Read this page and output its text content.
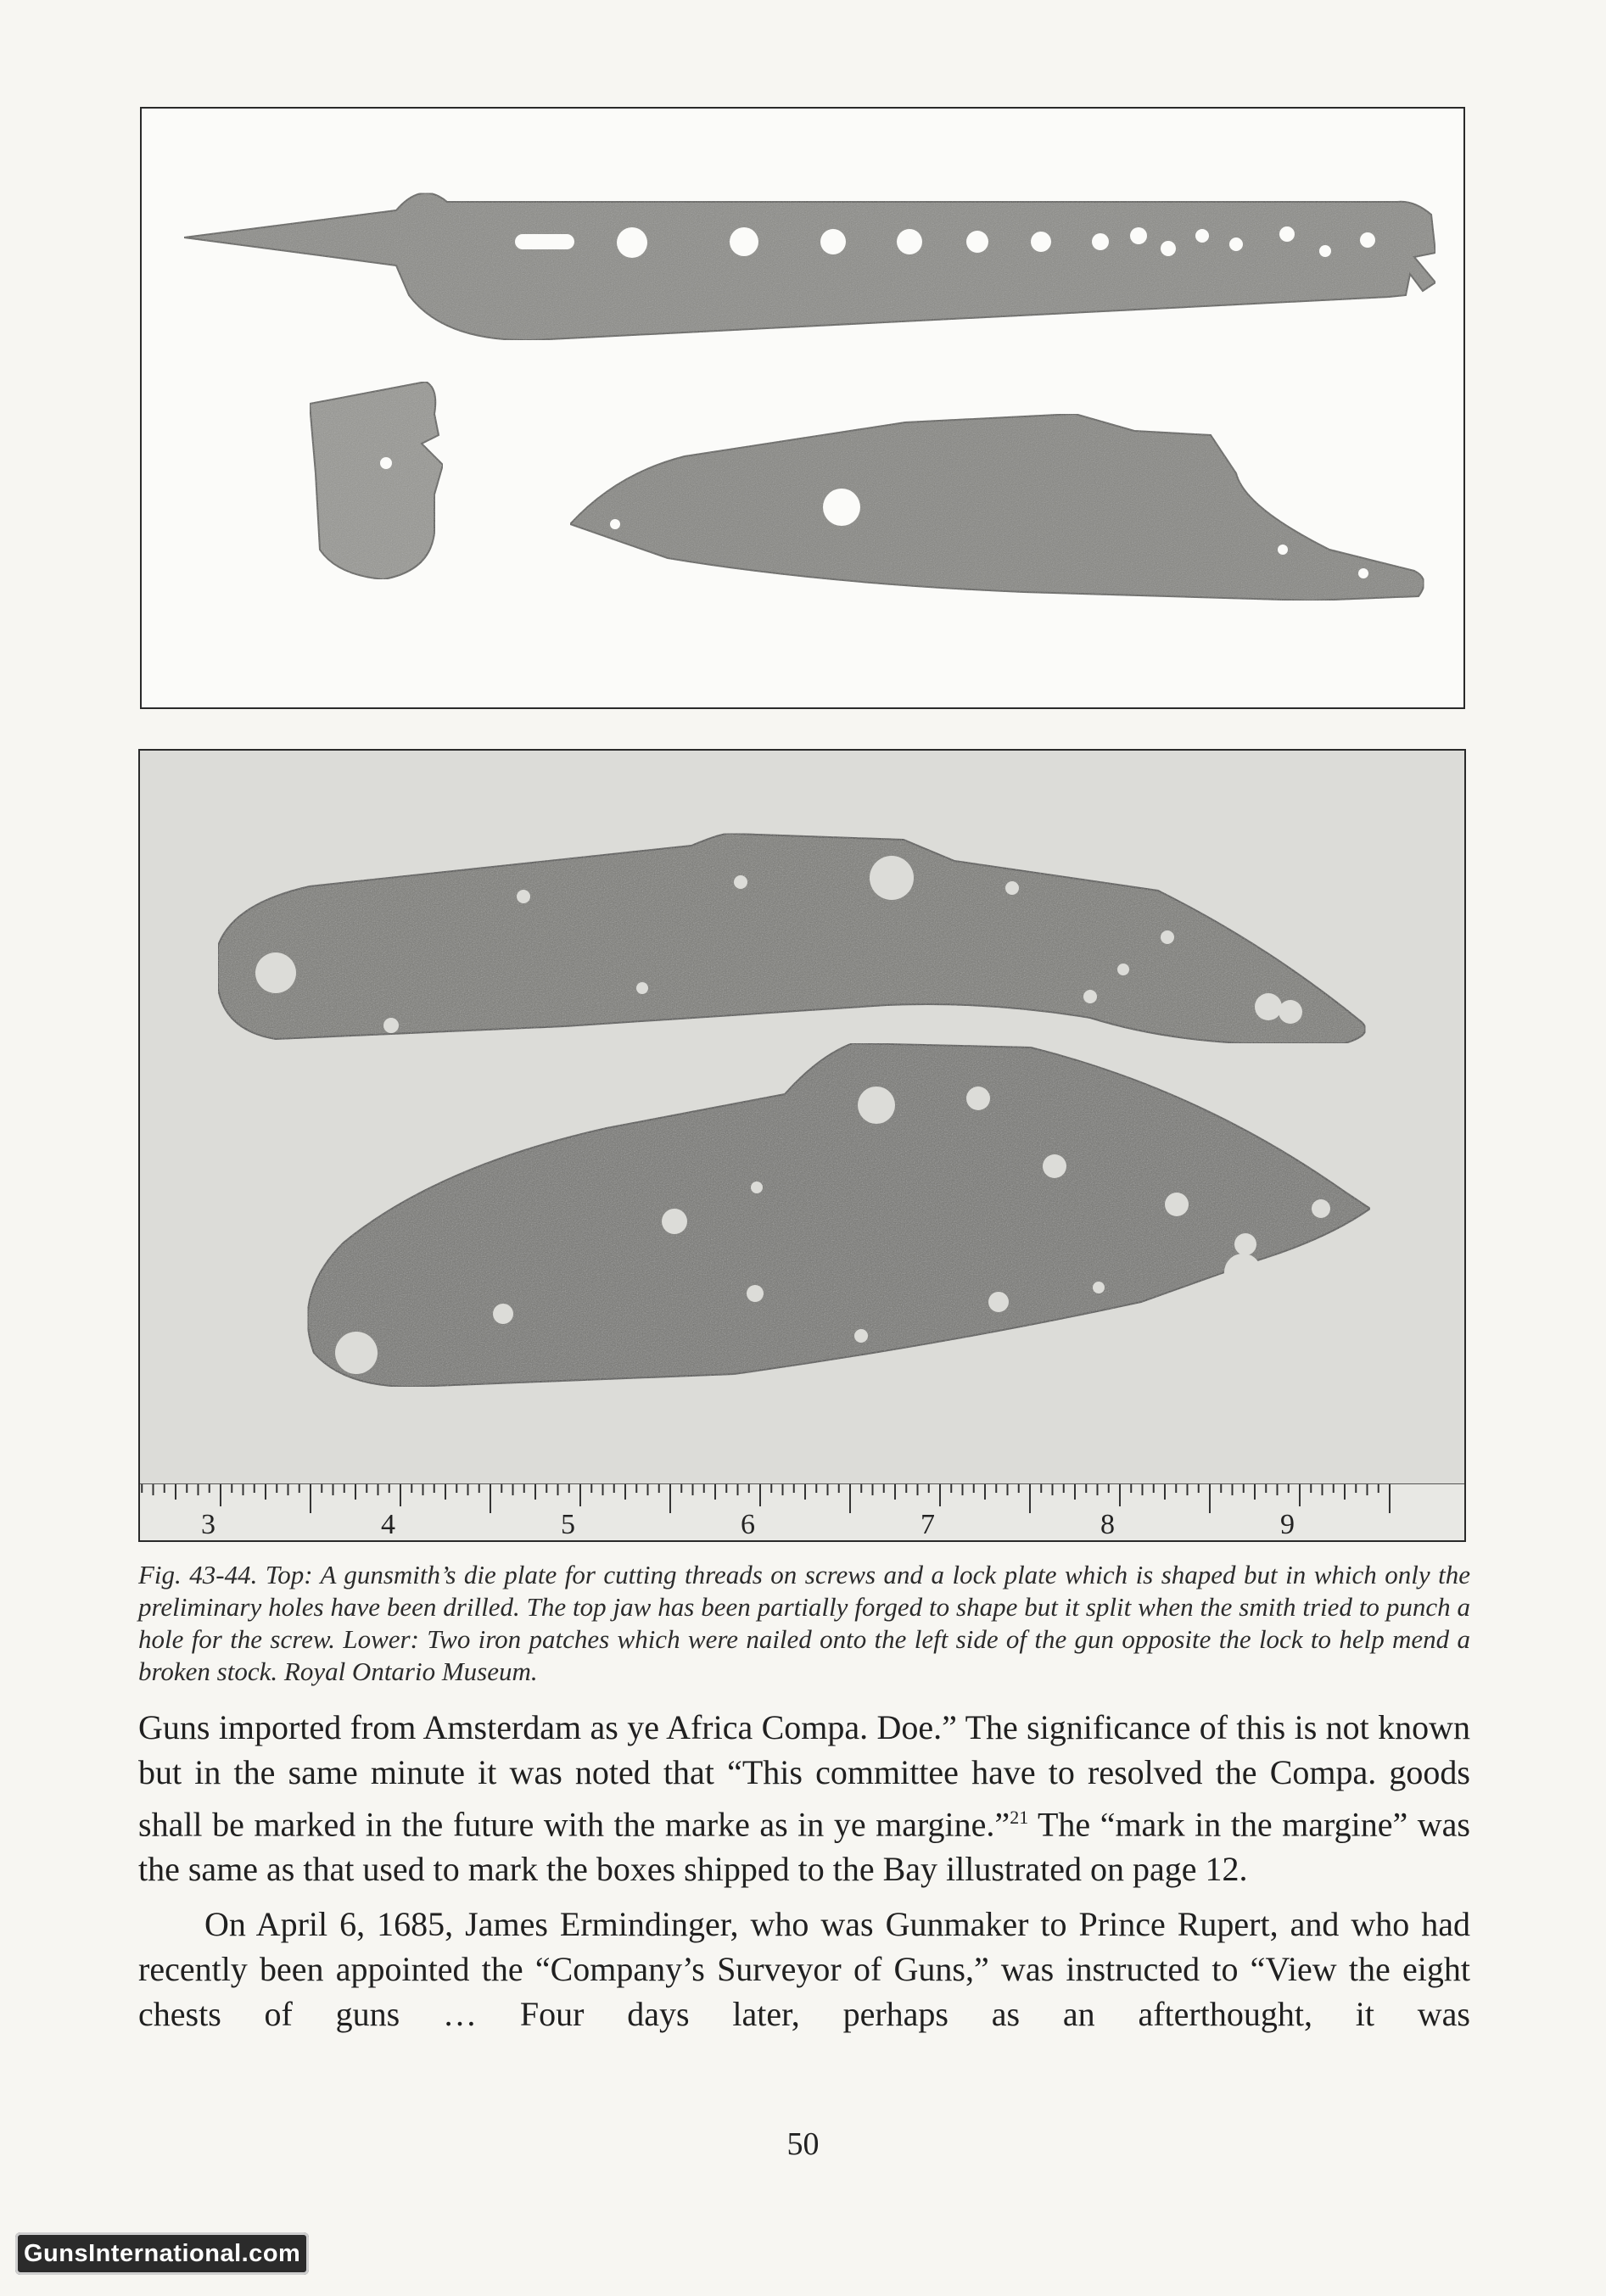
3	4	5	6	7	8	9

Fig. 43-44. Top: A gunsmith’s die plate for cutting threads on screws and a lock plate which is shaped but in which only the preliminary holes have been drilled. The top jaw has been partially forged to shape but it split when the smith tried to punch a hole for the screw. Lower: Two iron patches which were nailed onto the left side of the gun opposite the lock to help mend a broken stock. Royal Ontario Museum.

Guns imported from Amsterdam as ye Africa Compa. Doe.” The significance of this is not known but in the same minute it was noted that “This committee have to resolved the Compa. goods shall be marked in the future with the marke as in ye margine.”$^{21}$ The “mark in the margine” was the same as that used to mark the boxes shipped to the Bay illustrated on page 12.

On April 6, 1685, James Ermindinger, who was Gunmaker to Prince Rupert, and who had recently been appointed the “Company’s Surveyor of Guns,” was instructed to “View the eight chests of guns … Four days later, perhaps as an afterthought, it was

50
GunsInternational.com
